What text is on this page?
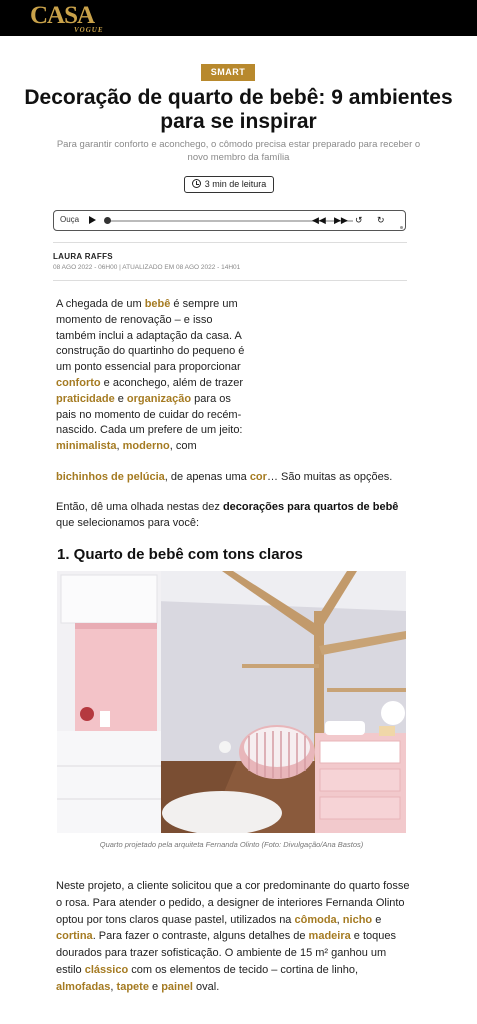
CASA
VOGUE
SMART
Decoração de quarto de bebê: 9 ambientes para se inspirar

Para garantir conforto e aconchego, o cômodo precisa estar preparado para receber o novo membro da família

3 min de leitura
Ouça	◀◀ ▶▶ ↺ ↻
LAURA RAFFS
08 AGO 2022 - 06H00 | ATUALIZADO EM 08 AGO 2022 - 14H01

A chegada de um bebê é sempre um momento de renovação – e isso também inclui a adaptação da casa. A construção do quartinho do pequeno é um ponto essencial para proporcionar conforto e aconchego, além de trazer praticidade e organização para os pais no momento de cuidar do recém-nascido. Cada um prefere de um jeito: minimalista, moderno, com

bichinhos de pelúcia, de apenas uma cor… São muitas as opções.

Então, dê uma olhada nestas dez decorações para quartos de bebê que selecionamos para você:

1. Quarto de bebê com tons claros

Quarto projetado pela arquiteta Fernanda Olinto (Foto: Divulgação/Ana Bastos)

Neste projeto, a cliente solicitou que a cor predominante do quarto fosse o rosa. Para atender o pedido, a designer de interiores Fernanda Olinto optou por tons claros quase pastel, utilizados na cômoda, nicho e cortina. Para fazer o contraste, alguns detalhes de madeira e toques dourados para trazer sofisticação. O ambiente de 15 m² ganhou um estilo clássico com os elementos de tecido – cortina de linho, almofadas, tapete e painel oval.
